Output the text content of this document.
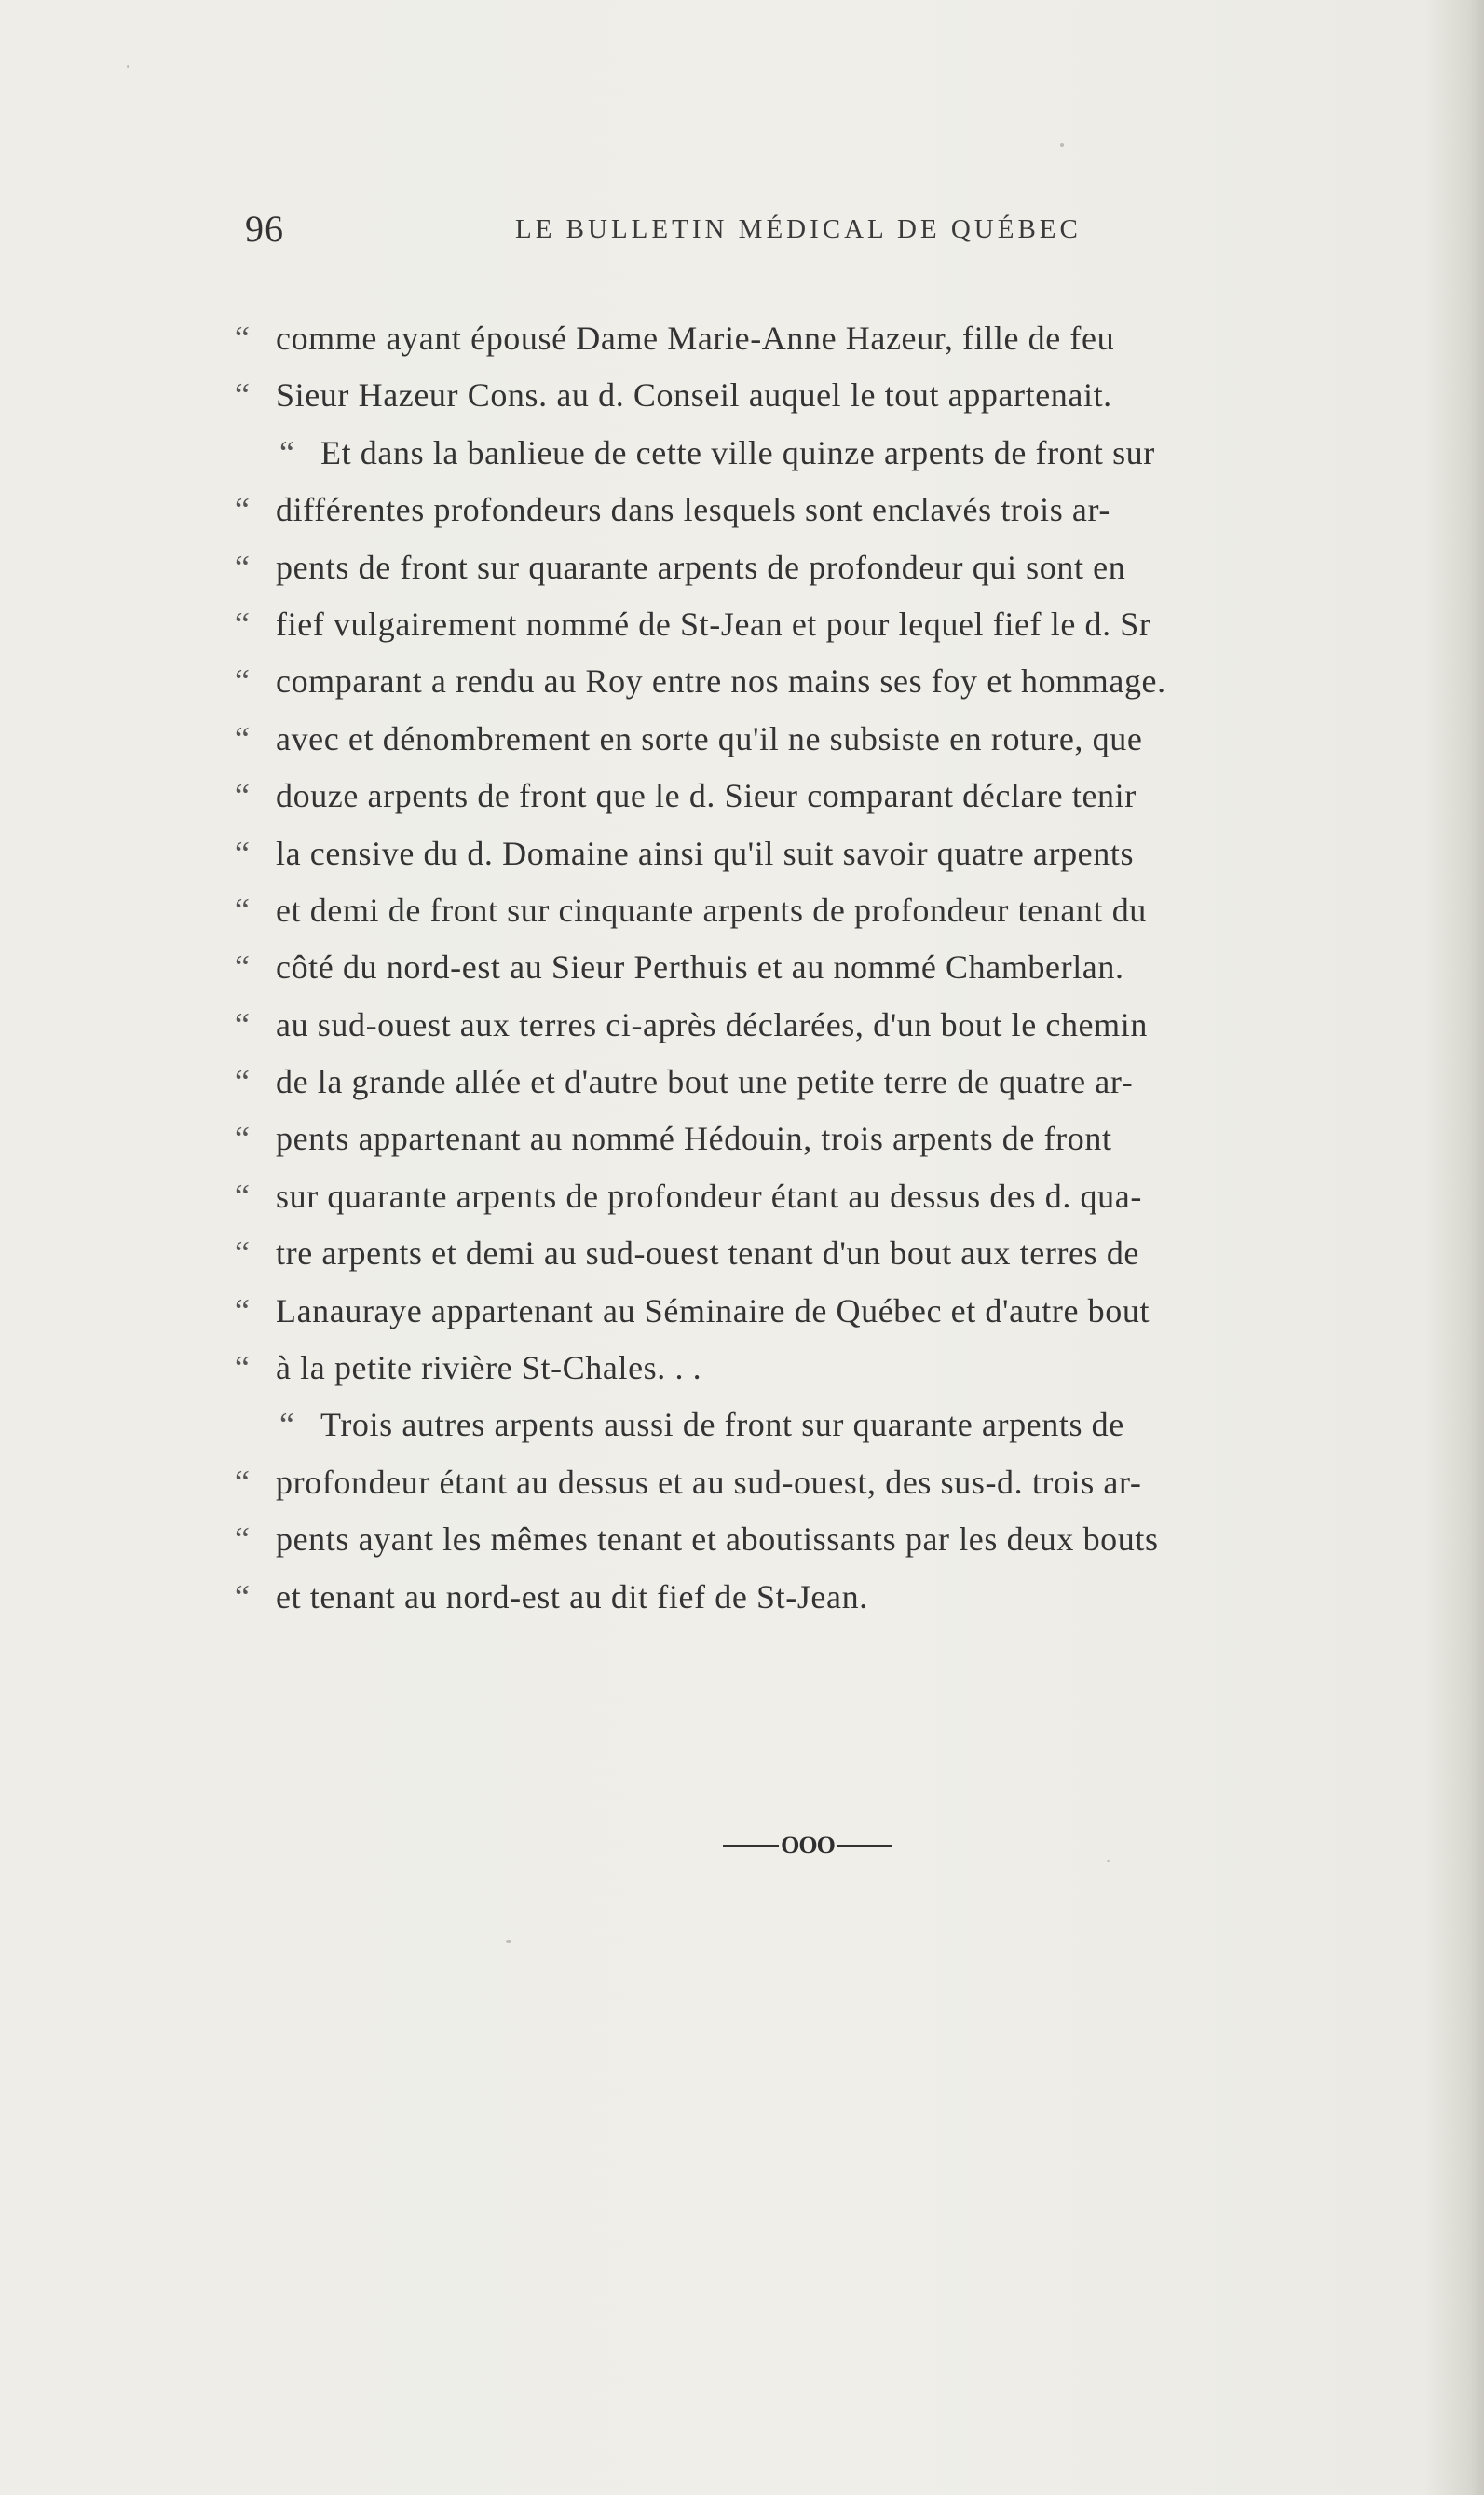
96	LE BULLETIN MÉDICAL DE QUÉBEC
“ comme ayant épousé Dame Marie-Anne Hazeur, fille de feu
“ Sieur Hazeur Cons. au d. Conseil auquel le tout appartenait.
“ Et dans la banlieue de cette ville quinze arpents de front sur
“ différentes profondeurs dans lesquels sont enclavés trois ar-
“ pents de front sur quarante arpents de profondeur qui sont en
“ fief vulgairement nommé de St-Jean et pour lequel fief le d. Sr
“ comparant a rendu au Roy entre nos mains ses foy et hommage.
“ avec et dénombrement en sorte qu'il ne subsiste en roture, que
“ douze arpents de front que le d. Sieur comparant déclare tenir
“ la censive du d. Domaine ainsi qu'il suit savoir quatre arpents
“ et demi de front sur cinquante arpents de profondeur tenant du
“ côté du nord-est au Sieur Perthuis et au nommé Chamberlan.
“ au sud-ouest aux terres ci-après déclarées, d'un bout le chemin
“ de la grande allée et d'autre bout une petite terre de quatre ar-
“ pents appartenant au nommé Hédouin, trois arpents de front
“ sur quarante arpents de profondeur étant au dessus des d. qua-
“ tre arpents et demi au sud-ouest tenant d'un bout aux terres de
“ Lanauraye appartenant au Séminaire de Québec et d'autre bout
“ à la petite rivière St-Chales. . .
“ Trois autres arpents aussi de front sur quarante arpents de
“ profondeur étant au dessus et au sud-ouest, des sus-d. trois ar-
“ pents ayant les mêmes tenant et aboutissants par les deux bouts
“ et tenant au nord-est au dit fief de St-Jean.
OOO
